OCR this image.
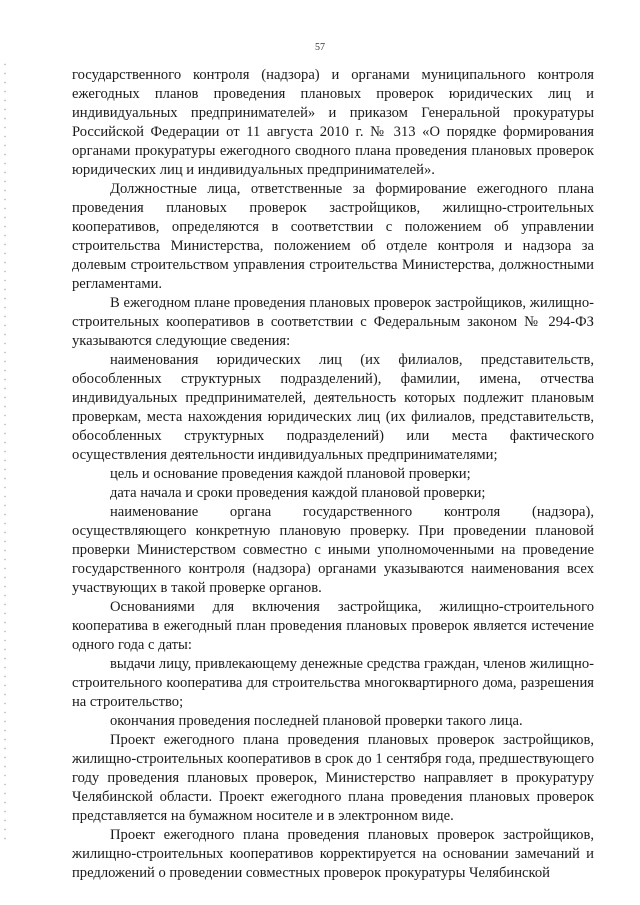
57

государственного контроля (надзора) и органами муниципального контроля ежегодных планов проведения плановых проверок юридических лиц и индивидуальных предпринимателей» и приказом Генеральной прокуратуры Российской Федерации от 11 августа 2010 г. № 313 «О порядке формирования органами прокуратуры ежегодного сводного плана проведения плановых проверок юридических лиц и индивидуальных предпринимателей».

Должностные лица, ответственные за формирование ежегодного плана проведения плановых проверок застройщиков, жилищно-строительных кооперативов, определяются в соответствии с положением об управлении строительства Министерства, положением об отделе контроля и надзора за долевым строительством управления строительства Министерства, должностными регламентами.

В ежегодном плане проведения плановых проверок застройщиков, жилищно-строительных кооперативов в соответствии с Федеральным законом № 294-ФЗ указываются следующие сведения:

наименования юридических лиц (их филиалов, представительств, обособленных структурных подразделений), фамилии, имена, отчества индивидуальных предпринимателей, деятельность которых подлежит плановым проверкам, места нахождения юридических лиц (их филиалов, представительств, обособленных структурных подразделений) или места фактического осуществления деятельности индивидуальных предпринимателями;

цель и основание проведения каждой плановой проверки;

дата начала и сроки проведения каждой плановой проверки;

наименование органа государственного контроля (надзора), осуществляющего конкретную плановую проверку. При проведении плановой проверки Министерством совместно с иными уполномоченными на проведение государственного контроля (надзора) органами указываются наименования всех участвующих в такой проверке органов.

Основаниями для включения застройщика, жилищно-строительного кооператива в ежегодный план проведения плановых проверок является истечение одного года с даты:

выдачи лицу, привлекающему денежные средства граждан, членов жилищно-строительного кооператива для строительства многоквартирного дома, разрешения на строительство;

окончания проведения последней плановой проверки такого лица.

Проект ежегодного плана проведения плановых проверок застройщиков, жилищно-строительных кооперативов в срок до 1 сентября года, предшествующего году проведения плановых проверок, Министерство направляет в прокуратуру Челябинской области. Проект ежегодного плана проведения плановых проверок представляется на бумажном носителе и в электронном виде.

Проект ежегодного плана проведения плановых проверок застройщиков, жилищно-строительных кооперативов корректируется на основании замечаний и предложений о проведении совместных проверок прокуратуры Челябинской
